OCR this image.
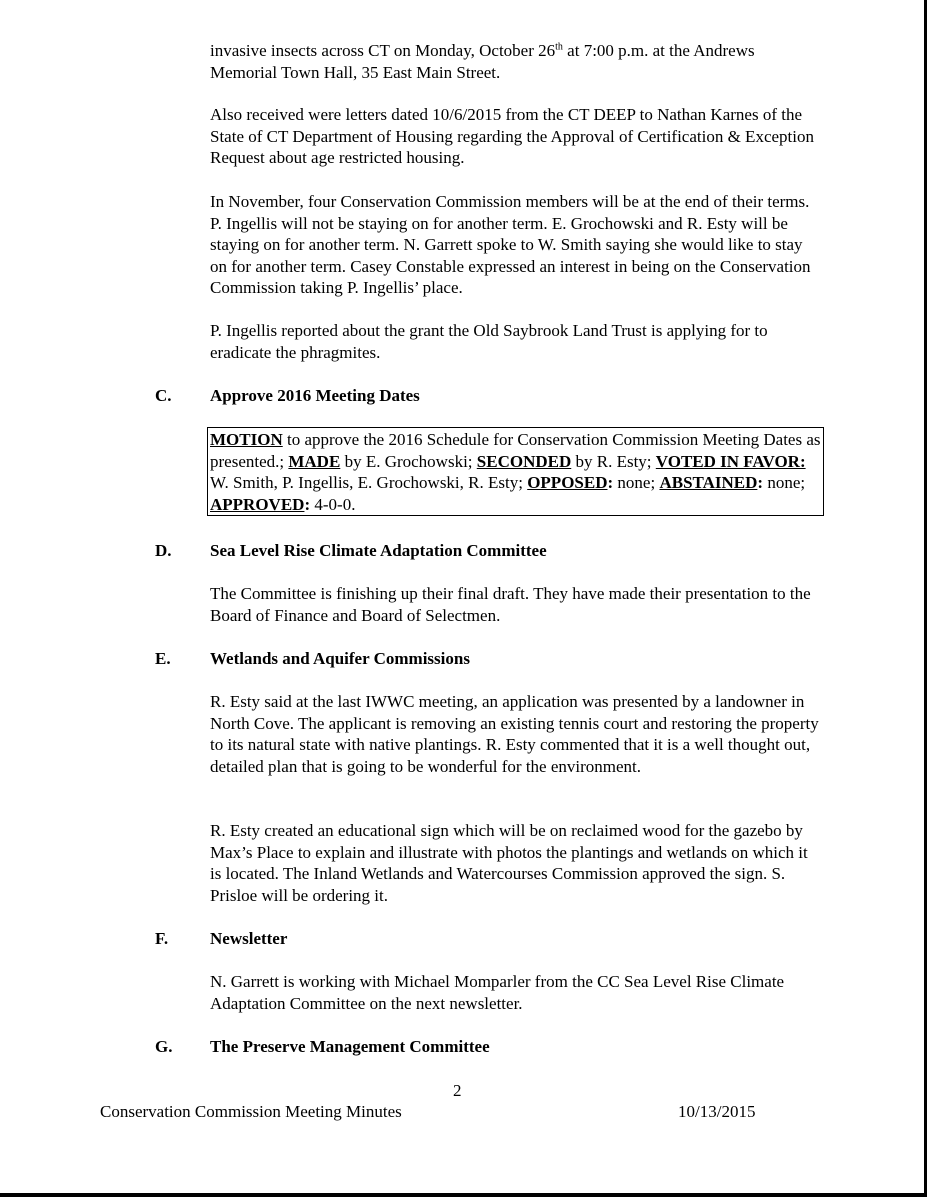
invasive insects across CT on Monday, October 26th at 7:00 p.m. at the Andrews Memorial Town Hall, 35 East Main Street.

Also received were letters dated 10/6/2015 from the CT DEEP to Nathan Karnes of the State of CT Department of Housing regarding the Approval of Certification & Exception Request about age restricted housing.

In November, four Conservation Commission members will be at the end of their terms. P. Ingellis will not be staying on for another term. E. Grochowski and R. Esty will be staying on for another term. N. Garrett spoke to W. Smith saying she would like to stay on for another term. Casey Constable expressed an interest in being on the Conservation Commission taking P. Ingellis’ place.

P. Ingellis reported about the grant the Old Saybrook Land Trust is applying for to eradicate the phragmites.

C. Approve 2016 Meeting Dates
MOTION to approve the 2016 Schedule for Conservation Commission Meeting Dates as presented.; MADE by E. Grochowski; SECONDED by R. Esty; VOTED IN FAVOR: W. Smith, P. Ingellis, E. Grochowski, R. Esty; OPPOSED: none; ABSTAINED: none; APPROVED: 4-0-0.
D. Sea Level Rise Climate Adaptation Committee

The Committee is finishing up their final draft. They have made their presentation to the Board of Finance and Board of Selectmen.

E. Wetlands and Aquifer Commissions

R. Esty said at the last IWWC meeting, an application was presented by a landowner in North Cove. The applicant is removing an existing tennis court and restoring the property to its natural state with native plantings. R. Esty commented that it is a well thought out, detailed plan that is going to be wonderful for the environment.

R. Esty created an educational sign which will be on reclaimed wood for the gazebo by Max’s Place to explain and illustrate with photos the plantings and wetlands on which it is located. The Inland Wetlands and Watercourses Commission approved the sign. S. Prisloe will be ordering it.

F. Newsletter

N. Garrett is working with Michael Momparler from the CC Sea Level Rise Climate Adaptation Committee on the next newsletter.

G. The Preserve Management Committee
2
Conservation Commission Meeting Minutes	10/13/2015
